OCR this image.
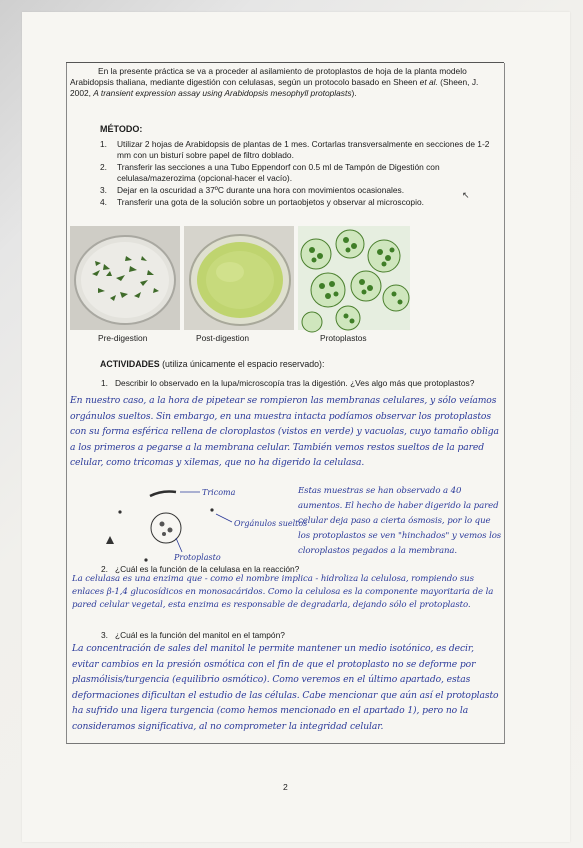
En la presente práctica se va a proceder al asilamiento de protoplastos de hoja de la planta modelo Arabidopsis thaliana, mediante digestión con celulasas, según un protocolo basado en Sheen et al. (Sheen, J. 2002, A transient expression assay using Arabidopsis mesophyll protoplasts).

MÉTODO:
1. Utilizar 2 hojas de Arabidopsis de plantas de 1 mes. Cortarlas transversalmente en secciones de 1-2 mm con un bisturí sobre papel de filtro doblado.
2. Transferir las secciones a una Tubo Eppendorf con 0.5 ml de Tampón de Digestión con celulasa/mazerozima (opcional-hacer el vacío).
3. Dejar en la oscuridad a 37ºC durante una hora con movimientos ocasionales.
4. Transferir una gota de la solución sobre un portaobjetos y observar al microscopio.
↖
Pre-digestion	Post-digestion	Protoplastos
ACTIVIDADES (utiliza únicamente el espacio reservado):
1. Describir lo observado en la lupa/microscopía tras la digestión. ¿Ves algo más que protoplastos?
En nuestro caso, a la hora de pipetear se rompieron las membranas celulares, y sólo veíamos orgánulos sueltos. Sin embargo, en una muestra intacta podíamos observar los protoplastos con su forma esférica rellena de cloroplastos (vistos en verde) y vacuolas, cuyo tamaño obliga a los primeros a pegarse a la membrana celular. También vemos restos sueltos de la pared celular, como tricomas y xilemas, que no ha digerido la celulasa.
Tricoma
Protoplasto
Orgánulos sueltos
Estas muestras se han observado a 40 aumentos. El hecho de haber digerido la pared celular deja paso a cierta ósmosis, por lo que los protoplastos se ven "hinchados" y vemos los cloroplastos pegados a la membrana.
2. ¿Cuál es la función de la celulasa en la reacción?
La celulasa es una enzima que - como el nombre implica - hidroliza la celulosa, rompiendo sus enlaces β-1,4 glucosídicos en monosacáridos. Como la celulosa es la componente mayoritaria de la pared celular vegetal, esta enzima es responsable de degradarla, dejando sólo el protoplasto.
3. ¿Cuál es la función del manitol en el tampón?
La concentración de sales del manitol le permite mantener un medio isotónico, es decir, evitar cambios en la presión osmótica con el fin de que el protoplasto no se deforme por plasmólisis/turgencia (equilibrio osmótico). Como veremos en el último apartado, estas deformaciones dificultan el estudio de las células. Cabe mencionar que aún así el protoplasto ha sufrido una ligera turgencia (como hemos mencionado en el apartado 1), pero no la consideramos significativa, al no comprometer la integridad celular.
2
